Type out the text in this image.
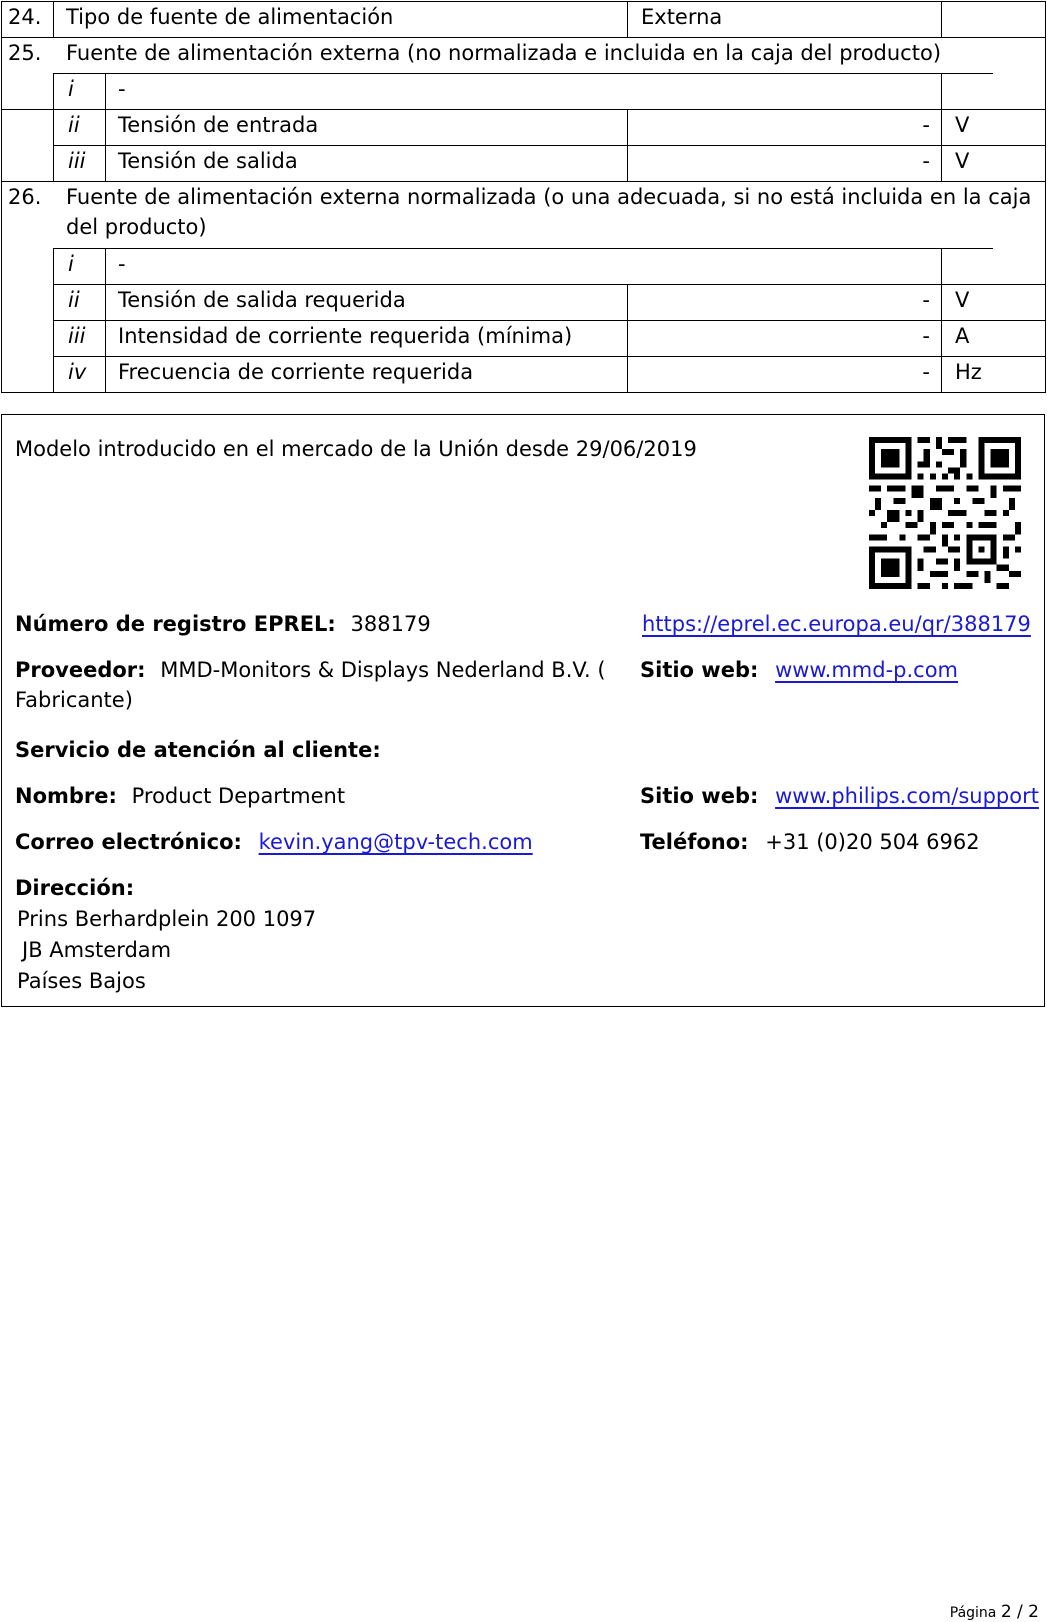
24. Tipo de fuente de alimentación	Externa
25. Fuente de alimentación externa (no normalizada e incluida en la caja del producto)
i -
ii Tensión de entrada	- V
iii Tensión de salida	- V
26. Fuente de alimentación externa normalizada (o una adecuada, si no está incluida en la caja
del producto)
i -
ii Tensión de salida requerida	- V
iii Intensidad de corriente requerida (mínima)	- A
iv Frecuencia de corriente requerida	- Hz
Modelo introducido en el mercado de la Unión desde 29/06/2019
Número de registro EPREL: 388179	https://eprel.ec.europa.eu/qr/388179
Proveedor: MMD-Monitors & Displays Nederland B.V. (
Fabricante)
Sitio web: www.mmd-p.com
Servicio de atención al cliente:
Nombre: Product Department	Sitio web: www.philips.com/support
Correo electrónico: kevin.yang@tpv-tech.com	Teléfono: +31 (0)20 504 6962
Dirección:
Prins Berhardplein 200 1097
JB Amsterdam
Países Bajos
Página 2 / 2
